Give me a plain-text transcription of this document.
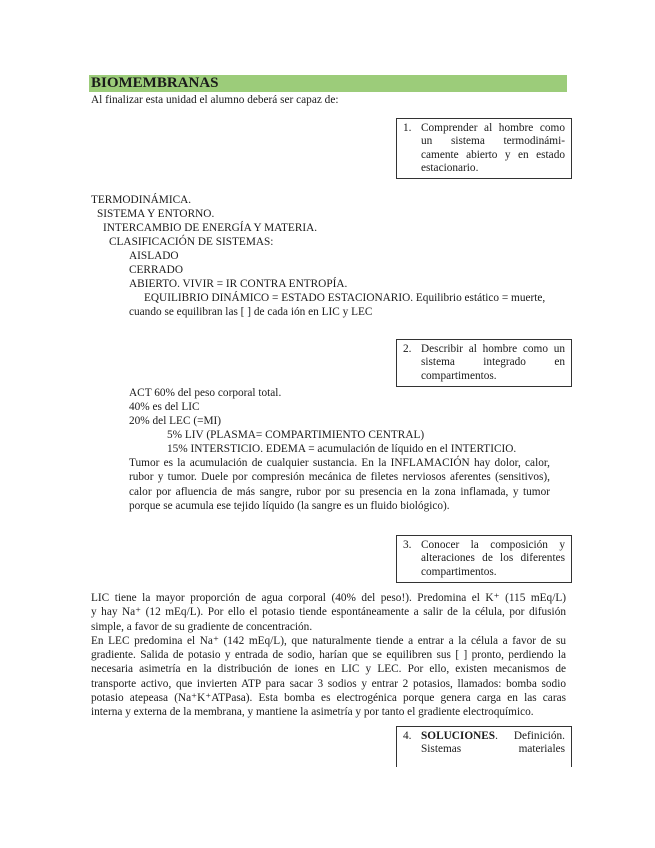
BIOMEMBRANAS
Al finalizar esta unidad el alumno deberá ser capaz de:
1. Comprender al hombre como
un sistema termodinámi-
camente abierto y en estado
estacionario.
TERMODINÁMICA.
SISTEMA Y ENTORNO.
INTERCAMBIO DE ENERGÍA Y MATERIA.
CLASIFICACIÓN DE SISTEMAS:
AISLADO
CERRADO
ABIERTO. VIVIR = IR CONTRA ENTROPÍA.
EQUILIBRIO DINÁMICO = ESTADO ESTACIONARIO. Equilibrio estático = muerte,
cuando se equilibran las [ ] de cada ión en LIC y LEC
2. Describir al hombre como un
sistema integrado en
compartimentos.
ACT 60% del peso corporal total.
40% es del LIC
20% del LEC (=MI)
5% LIV (PLASMA= COMPARTIMIENTO CENTRAL)
15% INTERSTICIO. EDEMA = acumulación de líquido en el INTERTICIO.
Tumor es la acumulación de cualquier sustancia. En la INFLAMACIÓN hay dolor, calor,
rubor y tumor. Duele por compresión mecánica de filetes nerviosos aferentes (sensitivos),
calor por afluencia de más sangre, rubor por su presencia en la zona inflamada, y tumor
porque se acumula ese tejido líquido (la sangre es un fluido biológico).
3. Conocer la composición y
alteraciones de los diferentes
compartimentos.
LIC tiene la mayor proporción de agua corporal (40% del peso!). Predomina el K⁺ (115 mEq/L)
y hay Na⁺ (12 mEq/L). Por ello el potasio tiende espontáneamente a salir de la célula, por difusión
simple, a favor de su gradiente de concentración.
En LEC predomina el Na⁺ (142 mEq/L), que naturalmente tiende a entrar a la célula a favor de su
gradiente. Salida de potasio y entrada de sodio, harían que se equilibren sus [ ] pronto, perdiendo la
necesaria asimetría en la distribución de iones en LIC y LEC. Por ello, existen mecanismos de
transporte activo, que invierten ATP para sacar 3 sodios y entrar 2 potasios, llamados: bomba sodio
potasio atepeasa (Na⁺K⁺ATPasa). Esta bomba es electrogénica porque genera carga en las caras
interna y externa de la membrana, y mantiene la asimetría y por tanto el gradiente electroquímico.
4. SOLUCIONES. Definición.
Sistemas materiales
